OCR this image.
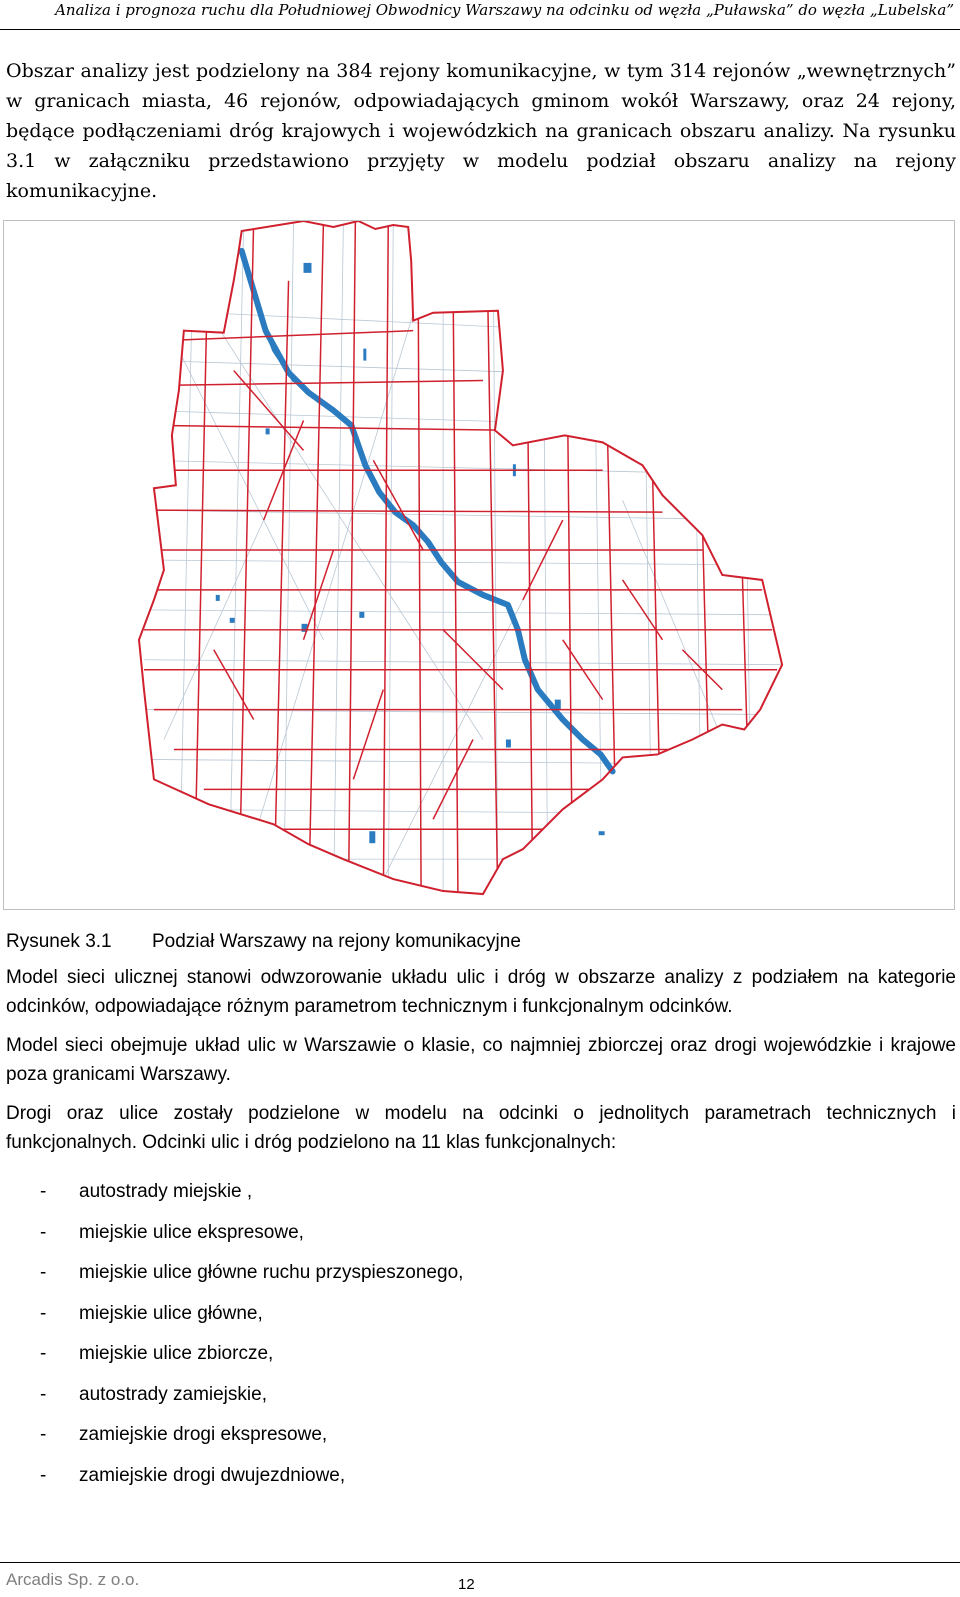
Analiza i prognoza ruchu dla Południowej Obwodnicy Warszawy na odcinku od węzła „Puławska” do węzła „Lubelska”

Obszar analizy jest podzielony na 384 rejony komunikacyjne, w tym 314 rejonów „wewnętrznych” w granicach miasta, 46 rejonów, odpowiadających gminom wokół Warszawy, oraz 24 rejony, będące podłączeniami dróg krajowych i wojewódzkich na granicach obszaru analizy. Na rysunku 3.1 w załączniku przedstawiono przyjęty w modelu podział obszaru analizy na rejony komunikacyjne.

Rysunek 3.1 Podział Warszawy na rejony komunikacyjne

Model sieci ulicznej stanowi odwzorowanie układu ulic i dróg w obszarze analizy z podziałem na kategorie odcinków, odpowiadające różnym parametrom technicznym i funkcjonalnym odcinków.

Model sieci obejmuje układ ulic w Warszawie o klasie, co najmniej zbiorczej oraz drogi wojewódzkie i krajowe poza granicami Warszawy.

Drogi oraz ulice zostały podzielone w modelu na odcinki o jednolitych parametrach technicznych i funkcjonalnych. Odcinki ulic i dróg podzielono na 11 klas funkcjonalnych:

- autostrady miejskie ,
- miejskie ulice ekspresowe,
- miejskie ulice główne ruchu przyspieszonego,
- miejskie ulice główne,
- miejskie ulice zbiorcze,
- autostrady zamiejskie,
- zamiejskie drogi ekspresowe,
- zamiejskie drogi dwujezdniowe,
Arcadis Sp. z o.o.	12
